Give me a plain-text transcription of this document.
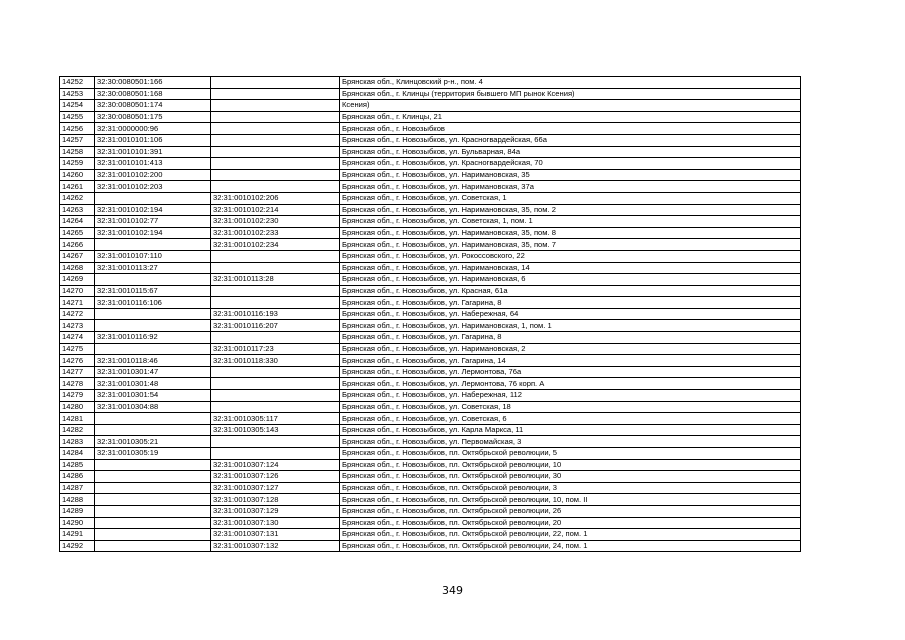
14252	32:30:0080501:166		Брянская обл., Клинцовский р-н., пом. 4
14253	32:30:0080501:168		Брянская обл., г. Клинцы (территория бывшего МП рынок Ксения)
14254	32:30:0080501:174		Ксения)
14255	32:30:0080501:175		Брянская обл., г. Клинцы, 21
14256	32:31:0000000:96		Брянская обл., г. Новозыбков
14257	32:31:0010101:106		Брянская обл., г. Новозыбков, ул. Красногвардейская, 66а
14258	32:31:0010101:391		Брянская обл., г. Новозыбков, ул. Бульварная, 84а
14259	32:31:0010101:413		Брянская обл., г. Новозыбков, ул. Красногвардейская, 70
14260	32:31:0010102:200		Брянская обл., г. Новозыбков, ул. Наримановская, 35
14261	32:31:0010102:203		Брянская обл., г. Новозыбков, ул. Наримановская, 37а
14262		32:31:0010102:206	Брянская обл., г. Новозыбков, ул. Советская, 1
14263	32:31:0010102:194	32:31:0010102:214	Брянская обл., г. Новозыбков, ул. Наримановская, 35, пом. 2
14264	32:31:0010102:77	32:31:0010102:230	Брянская обл., г. Новозыбков, ул. Советская, 1, пом. 1
14265	32:31:0010102:194	32:31:0010102:233	Брянская обл., г. Новозыбков, ул. Наримановская, 35, пом. 8
14266		32:31:0010102:234	Брянская обл., г. Новозыбков, ул. Наримановская, 35, пом. 7
14267	32:31:0010107:110		Брянская обл., г. Новозыбков, ул. Рокоссовского, 22
14268	32:31:0010113:27		Брянская обл., г. Новозыбков, ул. Наримановская, 14
14269		32:31:0010113:28	Брянская обл., г. Новозыбков, ул. Наримановская, 6
14270	32:31:0010115:67		Брянская обл., г. Новозыбков, ул. Красная, 61а
14271	32:31:0010116:106		Брянская обл., г. Новозыбков, ул. Гагарина, 8
14272		32:31:0010116:193	Брянская обл., г. Новозыбков, ул. Набережная, 64
14273		32:31:0010116:207	Брянская обл., г. Новозыбков, ул. Наримановская, 1, пом. 1
14274	32:31:0010116:92		Брянская обл., г. Новозыбков, ул. Гагарина, 8
14275		32:31:0010117:23	Брянская обл., г. Новозыбков, ул. Наримановская, 2
14276	32:31:0010118:46	32:31:0010118:330	Брянская обл., г. Новозыбков, ул. Гагарина, 14
14277	32:31:0010301:47		Брянская обл., г. Новозыбков, ул. Лермонтова, 76а
14278	32:31:0010301:48		Брянская обл., г. Новозыбков, ул. Лермонтова, 76 корп. А
14279	32:31:0010301:54		Брянская обл., г. Новозыбков, ул. Набережная, 112
14280	32:31:0010304:88		Брянская обл., г. Новозыбков, ул. Советская, 18
14281		32:31:0010305:117	Брянская обл., г. Новозыбков, ул. Советская, 6
14282		32:31:0010305:143	Брянская обл., г. Новозыбков, ул. Карла Маркса, 11
14283	32:31:0010305:21		Брянская обл., г. Новозыбков, ул. Первомайская, 3
14284	32:31:0010305:19		Брянская обл., г. Новозыбков, пл. Октябрьской революции, 5
14285		32:31:0010307:124	Брянская обл., г. Новозыбков, пл. Октябрьской революции, 10
14286		32:31:0010307:126	Брянская обл., г. Новозыбков, пл. Октябрьской революции, 30
14287		32:31:0010307:127	Брянская обл., г. Новозыбков, пл. Октябрьской революции, 3
14288		32:31:0010307:128	Брянская обл., г. Новозыбков, пл. Октябрьской революции, 10, пом. II
14289		32:31:0010307:129	Брянская обл., г. Новозыбков, пл. Октябрьской революции, 26
14290		32:31:0010307:130	Брянская обл., г. Новозыбков, пл. Октябрьской революции, 20
14291		32:31:0010307:131	Брянская обл., г. Новозыбков, пл. Октябрьской революции, 22, пом. 1
14292		32:31:0010307:132	Брянская обл., г. Новозыбков, пл. Октябрьской революции, 24, пом. 1
349
